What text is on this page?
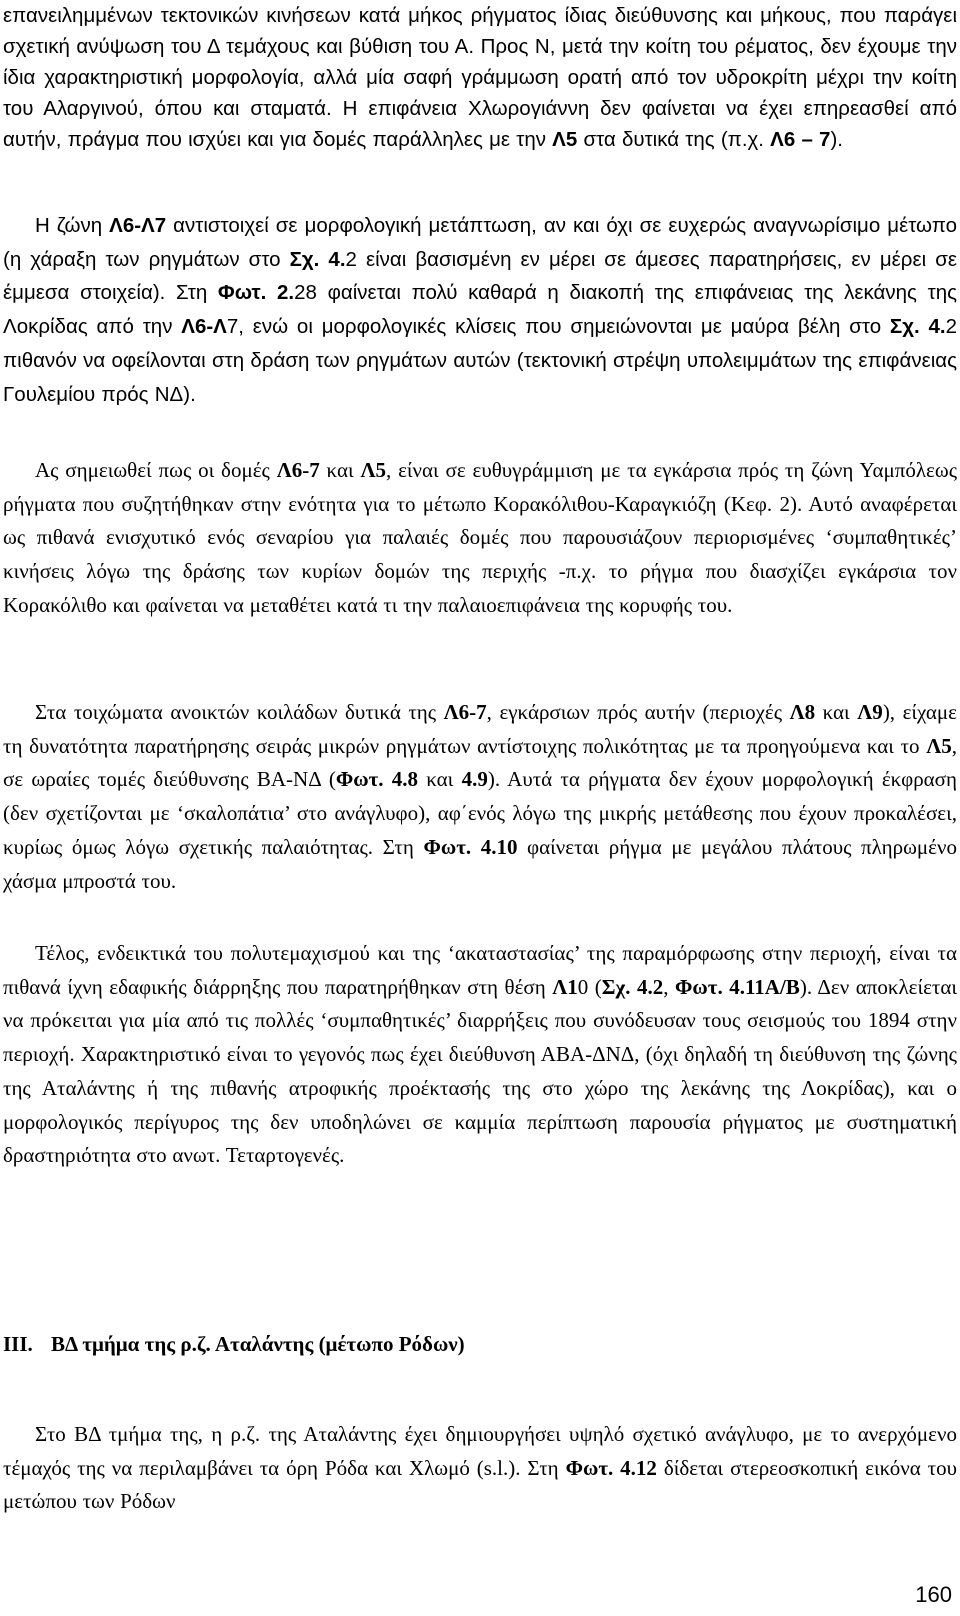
επανειλημμένων τεκτονικών κινήσεων κατά μήκος ρήγματος ίδιας διεύθυνσης και μήκους, που παράγει σχετική ανύψωση του Δ τεμάχους και βύθιση του Α. Προς Ν, μετά την κοίτη του ρέματος, δεν έχουμε την ίδια χαρακτηριστική μορφολογία, αλλά μία σαφή γράμμωση ορατή από τον υδροκρίτη μέχρι την κοίτη του Αλαργινού, όπου και σταματά. Η επιφάνεια Χλωρογιάννη δεν φαίνεται να έχει επηρεασθεί από αυτήν, πράγμα που ισχύει και για δομές παράλληλες με την Λ5 στα δυτικά της (π.χ. Λ6 – 7).
Η ζώνη Λ6-Λ7 αντιστοιχεί σε μορφολογική μετάπτωση, αν και όχι σε ευχερώς αναγνωρίσιμο μέτωπο (η χάραξη των ρηγμάτων στο Σχ. 4.2 είναι βασισμένη εν μέρει σε άμεσες παρατηρήσεις, εν μέρει σε έμμεσα στοιχεία). Στη Φωτ. 2.28 φαίνεται πολύ καθαρά η διακοπή της επιφάνειας της λεκάνης της Λοκρίδας από την Λ6-Λ7, ενώ οι μορφολογικές κλίσεις που σημειώνονται με μαύρα βέλη στο Σχ. 4.2 πιθανόν να οφείλονται στη δράση των ρηγμάτων αυτών (τεκτονική στρέψη υπολειμμάτων της επιφάνειας Γουλεμίου πρός ΝΔ).
Ας σημειωθεί πως οι δομές Λ6-7 και Λ5, είναι σε ευθυγράμμιση με τα εγκάρσια πρός τη ζώνη Υαμπόλεως ρήγματα που συζητήθηκαν στην ενότητα για το μέτωπο Κορακόλιθου-Καραγκιόζη (Κεφ. 2). Αυτό αναφέρεται ως πιθανά ενισχυτικό ενός σεναρίου για παλαιές δομές που παρουσιάζουν περιορισμένες ‘συμπαθητικές’ κινήσεις λόγω της δράσης των κυρίων δομών της περιχής -π.χ. το ρήγμα που διασχίζει εγκάρσια τον Κορακόλιθο και φαίνεται να μεταθέτει κατά τι την παλαιοεπιφάνεια της κορυφής του.
Στα τοιχώματα ανοικτών κοιλάδων δυτικά της Λ6-7, εγκάρσιων πρός αυτήν (περιοχές Λ8 και Λ9), είχαμε τη δυνατότητα παρατήρησης σειράς μικρών ρηγμάτων αντίστοιχης πολικότητας με τα προηγούμενα και το Λ5, σε ωραίες τομές διεύθυνσης ΒΑ-ΝΔ (Φωτ. 4.8 και 4.9). Αυτά τα ρήγματα δεν έχουν μορφολογική έκφραση (δεν σχετίζονται με ‘σκαλοπάτια’ στο ανάγλυφο), αφ΄ενός λόγω της μικρής μετάθεσης που έχουν προκαλέσει, κυρίως όμως λόγω σχετικής παλαιότητας. Στη Φωτ. 4.10 φαίνεται ρήγμα με μεγάλου πλάτους πληρωμένο χάσμα μπροστά του.
Τέλος, ενδεικτικά του πολυτεμαχισμού και της ‘ακαταστασίας’ της παραμόρφωσης στην περιοχή, είναι τα πιθανά ίχνη εδαφικής διάρρηξης που παρατηρήθηκαν στη θέση Λ10 (Σχ. 4.2, Φωτ. 4.11Α/Β). Δεν αποκλείεται να πρόκειται για μία από τις πολλές ‘συμπαθητικές’ διαρρήξεις που συνόδευσαν τους σεισμούς του 1894 στην περιοχή. Χαρακτηριστικό είναι το γεγονός πως έχει διεύθυνση ΑΒΑ-ΔΝΔ, (όχι δηλαδή τη διεύθυνση της ζώνης της Αταλάντης ή της πιθανής ατροφικής προέκτασής της στο χώρο της λεκάνης της Λοκρίδας), και ο μορφολογικός περίγυρος της δεν υποδηλώνει σε καμμία περίπτωση παρουσία ρήγματος με συστηματική δραστηριότητα στο ανωτ. Τεταρτογενές.
III. ΒΔ τμήμα της ρ.ζ. Αταλάντης (μέτωπο Ρόδων)
Στο ΒΔ τμήμα της, η ρ.ζ. της Αταλάντης έχει δημιουργήσει υψηλό σχετικό ανάγλυφο, με το ανερχόμενο τέμαχός της να περιλαμβάνει τα όρη Ρόδα και Χλωμό (s.l.). Στη Φωτ. 4.12 δίδεται στερεοσκοπική εικόνα του μετώπου των Ρόδων
160
